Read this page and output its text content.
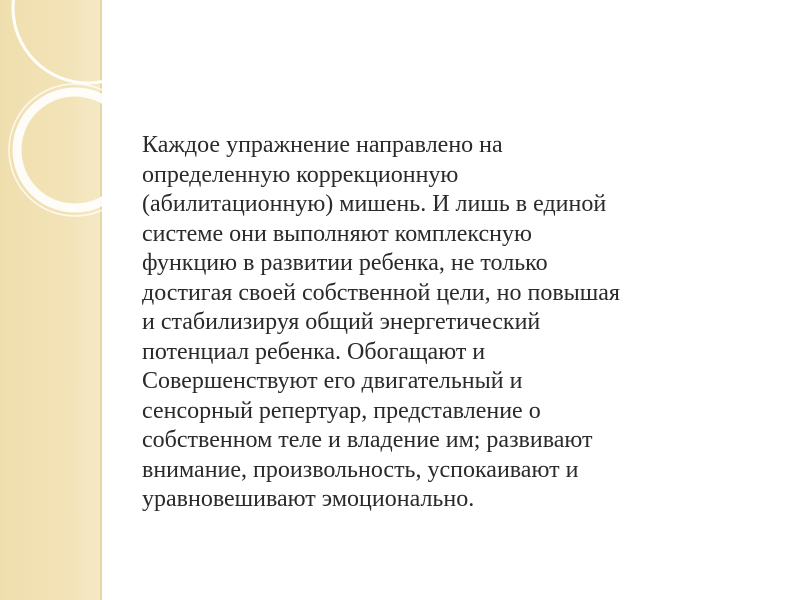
Каждое упражнение направлено на
определенную коррекционную
(абилитационную) мишень. И лишь в единой
системе они выполняют комплексную
функцию в развитии ребенка, не только
достигая своей собственной цели, но повышая
и стабилизируя общий энергетический
потенциал ребенка. Обогащают и
Совершенствуют его двигательный и
сенсорный репертуар, представление о
собственном теле и владение им; развивают
внимание, произвольность, успокаивают и
уравновешивают эмоционально.
